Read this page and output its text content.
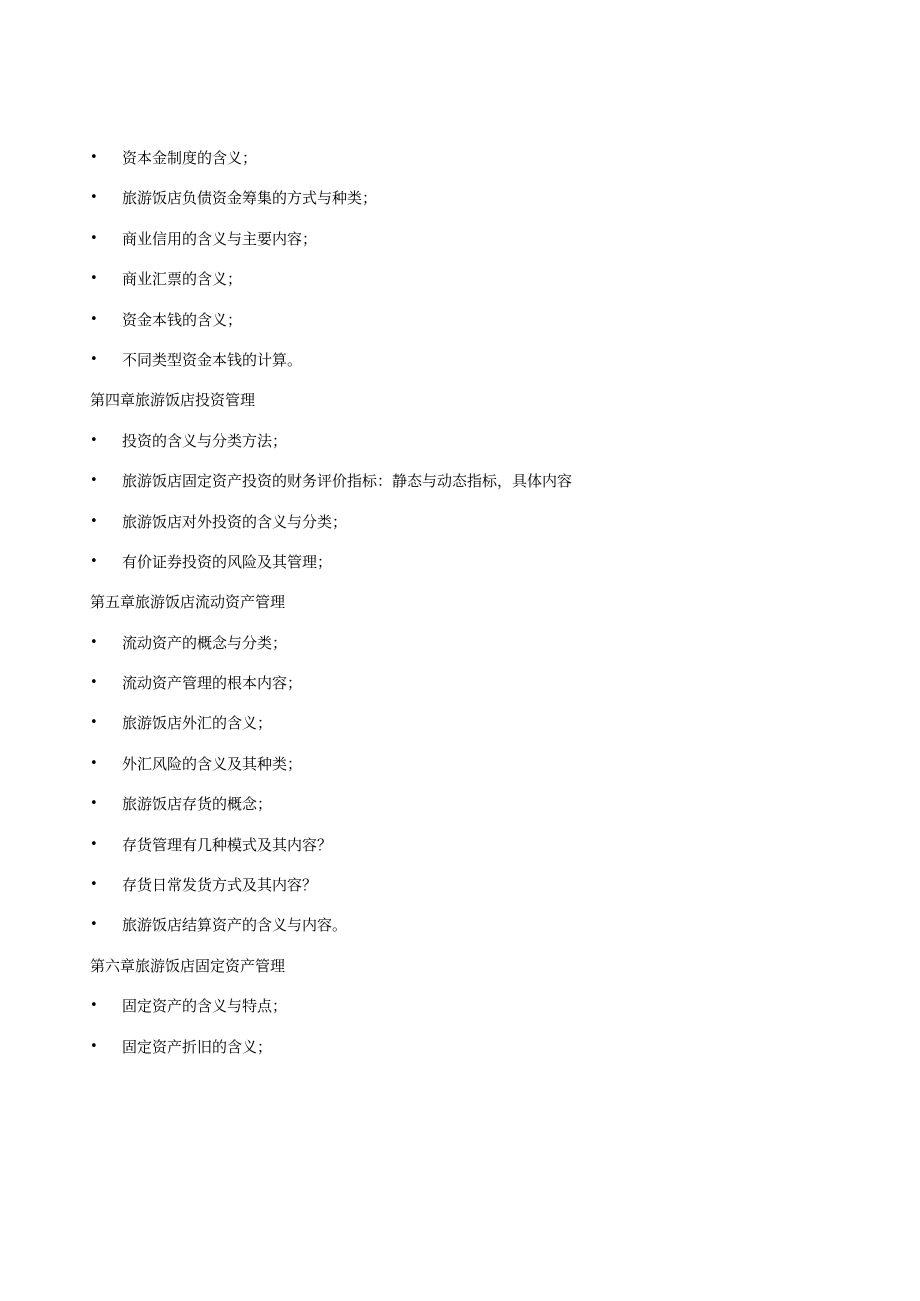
• 资本金制度的含义；
• 旅游饭店负债资金筹集的方式与种类；
• 商业信用的含义与主要内容；
• 商业汇票的含义；
• 资金本钱的含义；
• 不同类型资金本钱的计算。
第四章旅游饭店投资管理
• 投资的含义与分类方法；
• 旅游饭店固定资产投资的财务评价指标：静态与动态指标，具体内容
• 旅游饭店对外投资的含义与分类；
• 有价证券投资的风险及其管理；
第五章旅游饭店流动资产管理
• 流动资产的概念与分类；
• 流动资产管理的根本内容；
• 旅游饭店外汇的含义；
• 外汇风险的含义及其种类；
• 旅游饭店存货的概念；
• 存货管理有几种模式及其内容？
• 存货日常发货方式及其内容？
• 旅游饭店结算资产的含义与内容。
第六章旅游饭店固定资产管理
• 固定资产的含义与特点；
• 固定资产折旧的含义；
